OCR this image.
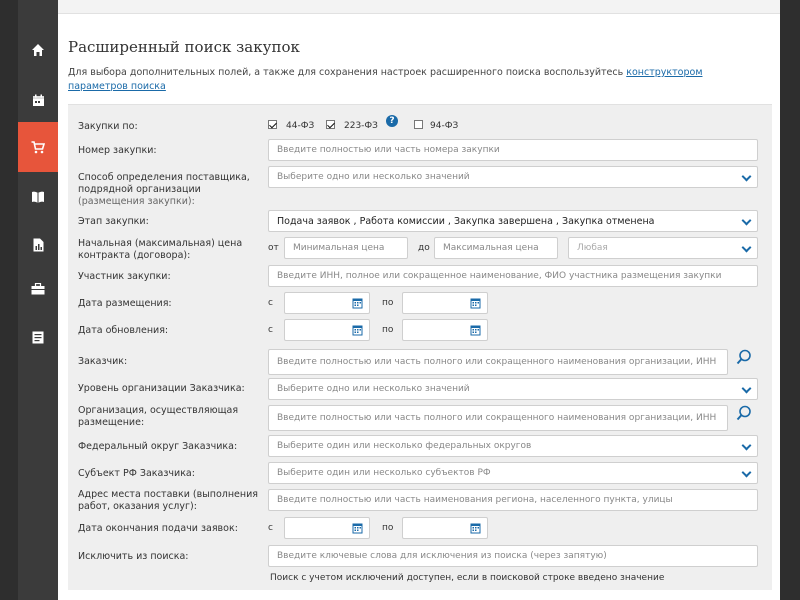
Расширенный поиск закупок
Для выбора дополнительных полей, а также для сохранения настроек расширенного поиска воспользуйтесь конструктором параметров поиска
Закупки по:	44-ФЗ	223-ФЗ	?	94-ФЗ
Номер закупки:	Введите полностью или часть номера закупки
Способ определения поставщика, подрядной организации (размещения закупки):
Выберите одно или несколько значений
Этап закупки:	Подача заявок , Работа комиссии , Закупка завершена , Закупка отменена
Начальная (максимальная) цена контракта (договора):
от	Минимальная цена	до	Максимальная цена	Любая
Участник закупки:	Введите ИНН, полное или сокращенное наименование, ФИО участника размещения закупки
Дата размещения:	с	по
Дата обновления:	с	по
Заказчик:	Введите полностью или часть полного или сокращенного наименования организации, ИНН
Уровень организации Заказчика:	Выберите одно или несколько значений
Организация, осуществляющая размещение:	Введите полностью или часть полного или сокращенного наименования организации, ИНН
Федеральный округ Заказчика:	Выберите один или несколько федеральных округов
Субъект РФ Заказчика:	Выберите один или несколько субъектов РФ
Адрес места поставки (выполнения работ, оказания услуг):
Введите полностью или часть наименования региона, населенного пункта, улицы
Дата окончания подачи заявок:	с	по
Исключить из поиска:	Введите ключевые слова для исключения из поиска (через запятую)
Поиск с учетом исключений доступен, если в поисковой строке введено значение
